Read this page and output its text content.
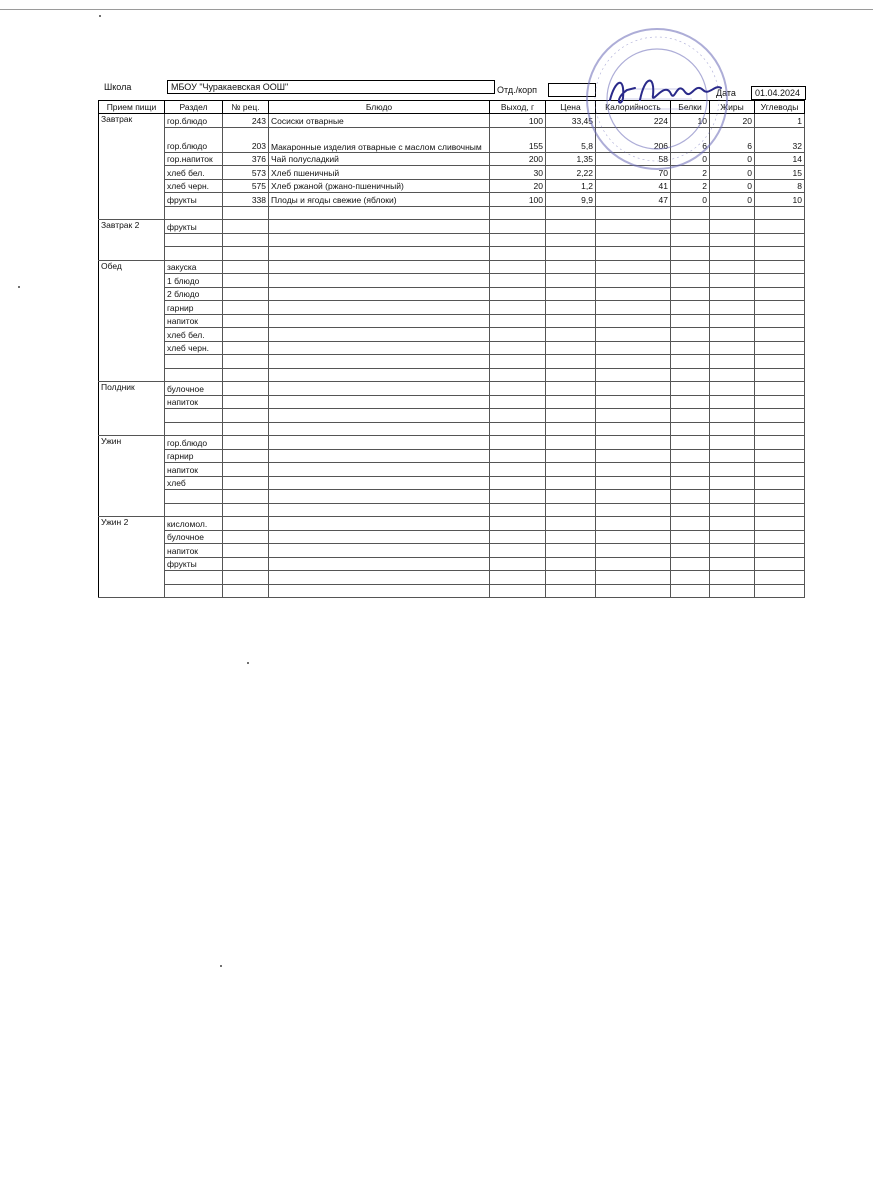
Школа	МБОУ "Чуракаевская ООШ"	Отд./корп	Дата	01.04.2024
Прием пищи	Раздел	№ рец.	Блюдо	Выход, г	Цена	Калорийность	Белки	Жиры	Углеводы
Завтрак	гор.блюдо	243	Сосиски отварные	100	33,45	224	10	20	1
	гор.блюдо	203	Макаронные изделия отварные с маслом сливочным	155	5,8	206	6	6	32
	гор.напиток	376	Чай полусладкий	200	1,35	58	0	0	14
	хлеб бел.	573	Хлеб пшеничный	30	2,22	70	2	0	15
	хлеб черн.	575	Хлеб ржаной (ржано-пшеничный)	20	1,2	41	2	0	8
	фрукты	338	Плоды и ягоды свежие (яблоки)	100	9,9	47	0	0	10

Завтрак 2	фрукты								

Обед	закуска								
	1 блюдо								
	2 блюдо								
	гарнир								
	напиток								
	хлеб бел.								
	хлеб черн.								

Полдник	булочное								
	напиток								

Ужин	гор.блюдо								
	гарнир								
	напиток								
	хлеб								

Ужин 2	кисломол.								
	булочное								
	напиток								
	фрукты								
